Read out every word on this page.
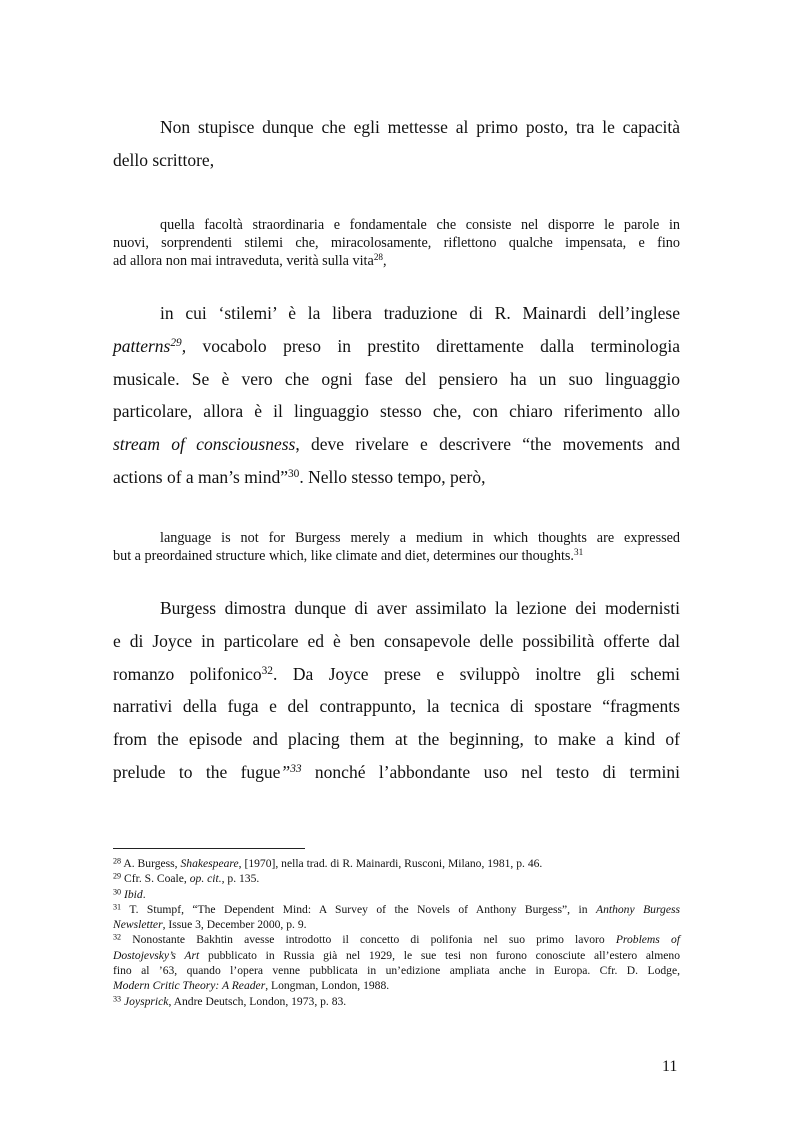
Non stupisce dunque che egli mettesse al primo posto, tra le capacità
dello scrittore,
quella facoltà straordinaria e fondamentale che consiste nel disporre le parole in
nuovi, sorprendenti stilemi che, miracolosamente, riflettono qualche impensata, e fino
ad allora non mai intraveduta, verità sulla vita$^{28}$,
in cui ‘stilemi’ è la libera traduzione di R. Mainardi dell’inglese
patterns$^{29}$, vocabolo preso in prestito direttamente dalla terminologia
musicale. Se è vero che ogni fase del pensiero ha un suo linguaggio
particolare, allora è il linguaggio stesso che, con chiaro riferimento allo
stream of consciousness, deve rivelare e descrivere “the movements and
actions of a man’s mind”$^{30}$. Nello stesso tempo, però,
language is not for Burgess merely a medium in which thoughts are expressed
but a preordained structure which, like climate and diet, determines our thoughts.$^{31}$
Burgess dimostra dunque di aver assimilato la lezione dei modernisti
e di Joyce in particolare ed è ben consapevole delle possibilità offerte dal
romanzo polifonico$^{32}$. Da Joyce prese e sviluppò inoltre gli schemi
narrativi della fuga e del contrappunto, la tecnica di spostare “fragments
from the episode and placing them at the beginning, to make a kind of
prelude to the fugue”$^{33}$ nonché l’abbondante uso nel testo di termini
$^{28}$ A. Burgess, Shakespeare, [1970], nella trad. di R. Mainardi, Rusconi, Milano, 1981, p. 46.
$^{29}$ Cfr. S. Coale, op. cit., p. 135.
$^{30}$ Ibid.
$^{31}$ T. Stumpf, “The Dependent Mind: A Survey of the Novels of Anthony Burgess”, in Anthony Burgess
Newsletter, Issue 3, December 2000, p. 9.
$^{32}$ Nonostante Bakhtin avesse introdotto il concetto di polifonia nel suo primo lavoro Problems of
Dostojevsky’s Art pubblicato in Russia già nel 1929, le sue tesi non furono conosciute all’estero almeno
fino al ’63, quando l’opera venne pubblicata in un’edizione ampliata anche in Europa. Cfr. D. Lodge,
Modern Critic Theory: A Reader, Longman, London, 1988.
$^{33}$ Joysprick, Andre Deutsch, London, 1973, p. 83.
11
